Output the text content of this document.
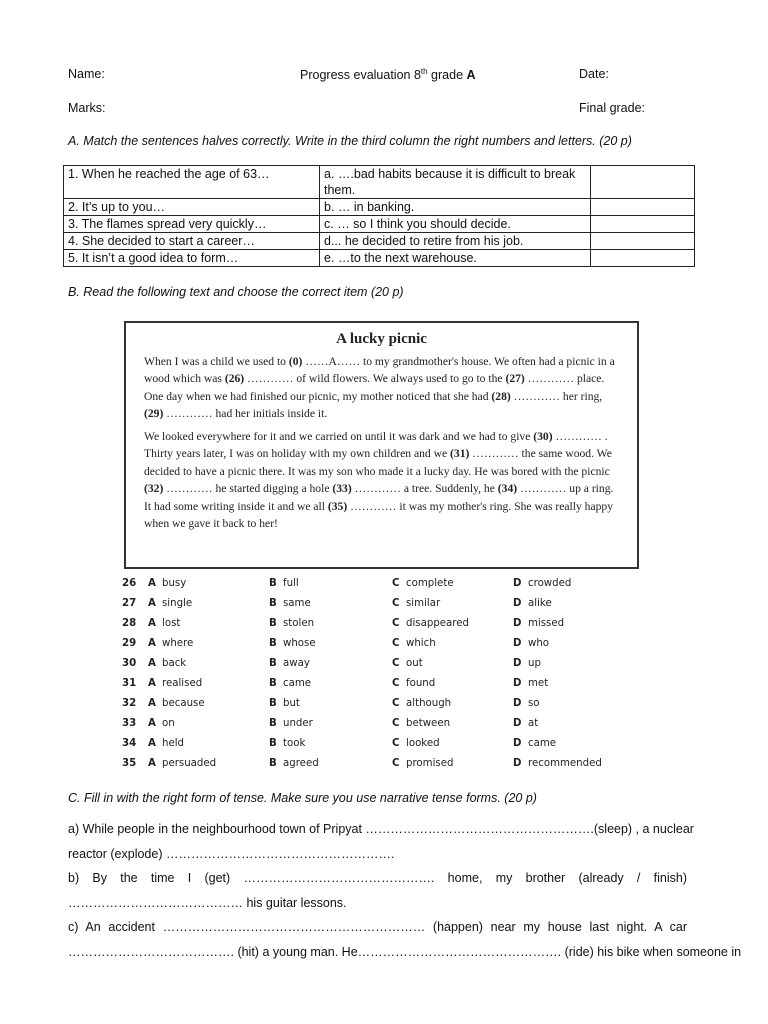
Name:	Progress evaluation 8th grade A	Date:
Marks:	Final grade:
A. Match the sentences halves correctly. Write in the third column the right numbers and letters. (20 p)
1. When he reached the age of 63…	a. ….bad habits because it is difficult to break them.	
2. It’s up to you…	b. … in banking.	
3. The flames spread very quickly…	c. … so I think you should decide.	
4. She decided to start a career…	d... he decided to retire from his job.	
5. It isn’t a good idea to form…	e. …to the next warehouse.	
B. Read the following text and choose the correct item (20 p)
A lucky picnic

When I was a child we used to (0) ……A…… to my grandmother's house. We often had a picnic in a wood which was (26) ………… of wild flowers. We always used to go to the (27) ………… place. One day when we had finished our picnic, my mother noticed that she had (28) ………… her ring, (29) ………… had her initials inside it.

We looked everywhere for it and we carried on until it was dark and we had to give (30) ………… . Thirty years later, I was on holiday with my own children and we (31) ………… the same wood. We decided to have a picnic there. It was my son who made it a lucky day. He was bored with the picnic (32) ………… he started digging a hole (33) ………… a tree. Suddenly, he (34) ………… up a ring. It had some writing inside it and we all (35) ………… it was my mother's ring. She was really happy when we gave it back to her!

26 A busy	B full	C complete	D crowded
27 A single	B same	C similar	D alike
28 A lost	B stolen	C disappeared	D missed
29 A where	B whose	C which	D who
30 A back	B away	C out	D up
31 A realised	B came	C found	D met
32 A because	B but	C although	D so
33 A on	B under	C between	D at
34 A held	B took	C looked	D came
35 A persuaded	B agreed	C promised	D recommended
C. Fill in with the right form of tense. Make sure you use narrative tense forms. (20 p)
a) While people in the neighbourhood town of Pripyat ……………………………………………….(sleep) , a nuclear
reactor (explode) ……………………………………………….
b) By the time I (get) ………………………………………. home, my brother (already / finish)
…………………………………… his guitar lessons.
c) An accident ……………………………………………………… (happen) near my house last night. A car
…………………………………. (hit) a young man. He…………………………………………. (ride) his bike when someone in
